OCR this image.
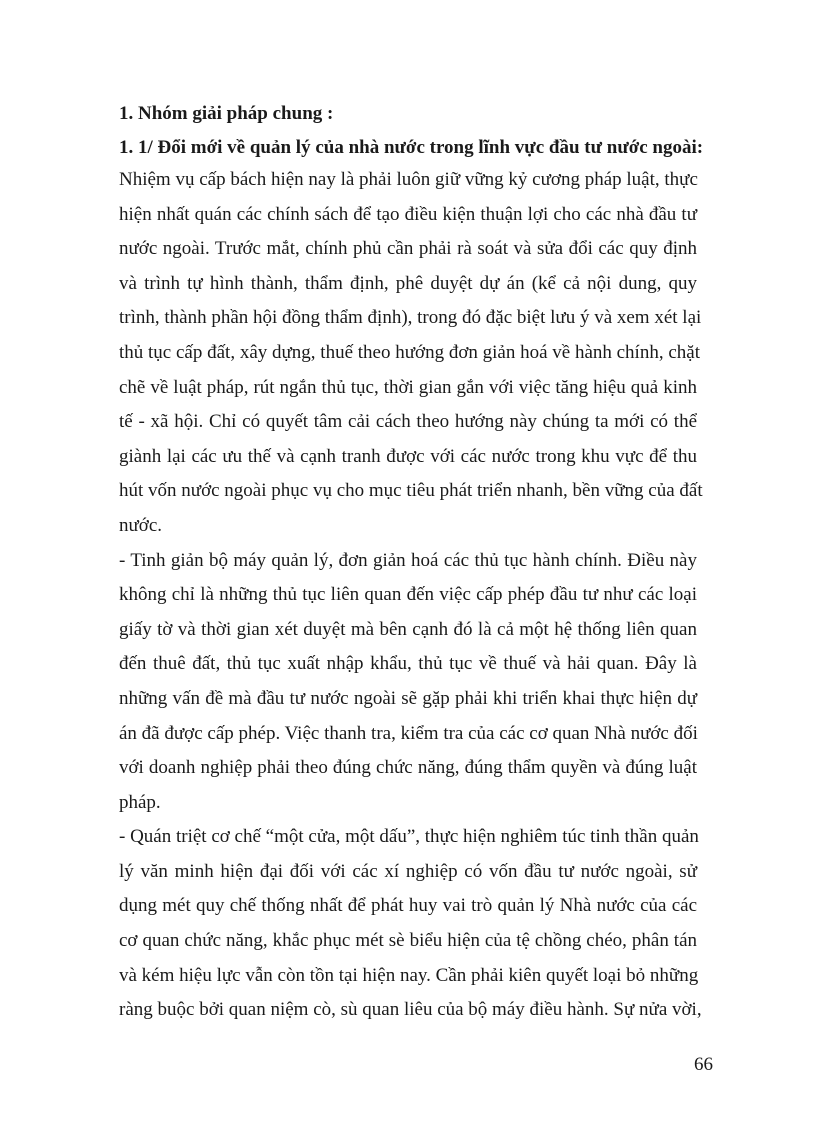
1. Nhóm giải pháp chung :
1. 1/ Đổi mới về quản lý của nhà nước trong lĩnh vực đầu tư nước ngoài:
Nhiệm vụ cấp bách hiện nay là phải luôn giữ vững kỷ cương pháp luật, thực
hiện nhất quán các chính sách để tạo điều kiện thuận lợi cho các nhà đầu tư
nước ngoài. Trước mắt, chính phủ cần phải rà soát và sửa đổi các quy định
và trình tự hình thành, thẩm định, phê duyệt dự án (kể cả nội dung, quy
trình, thành phần hội đồng thẩm định), trong đó đặc biệt lưu ý và xem xét lại
thủ tục cấp đất, xây dựng, thuế theo hướng đơn giản hoá về hành chính, chặt
chẽ về luật pháp, rút ngắn thủ tục, thời gian gắn với việc tăng hiệu quả kinh
tế - xã hội. Chỉ có quyết tâm cải cách theo hướng này chúng ta mới có thể
giành lại các ưu thế và cạnh tranh được với các nước trong khu vực để thu
hút vốn nước ngoài phục vụ cho mục tiêu phát triển nhanh, bền vững của đất
nước.
- Tinh giản bộ máy quản lý, đơn giản hoá các thủ tục hành chính. Điều này
không chỉ là những thủ tục liên quan đến việc cấp phép đầu tư như các loại
giấy tờ và thời gian xét duyệt mà bên cạnh đó là cả một hệ thống liên quan
đến thuê đất, thủ tục xuất nhập khẩu, thủ tục về thuế và hải quan. Đây là
những vấn đề mà đầu tư nước ngoài sẽ gặp phải khi triển khai thực hiện dự
án đã được cấp phép. Việc thanh tra, kiểm tra của các cơ quan Nhà nước đối
với doanh nghiệp phải theo đúng chức năng, đúng thẩm quyền và đúng luật
pháp.
- Quán triệt cơ chế “một cửa, một dấu”, thực hiện nghiêm túc tinh thần quản
lý văn minh hiện đại đối với các xí nghiệp có vốn đầu tư nước ngoài, sử
dụng mét quy chế thống nhất để phát huy vai trò quản lý Nhà nước của các
cơ quan chức năng, khắc phục mét sè biểu hiện của tệ chồng chéo, phân tán
và kém hiệu lực vẫn còn tồn tại hiện nay. Cần phải kiên quyết loại bỏ những
ràng buộc bởi quan niệm cò, sù quan liêu của bộ máy điều hành. Sự nửa vời,
66
